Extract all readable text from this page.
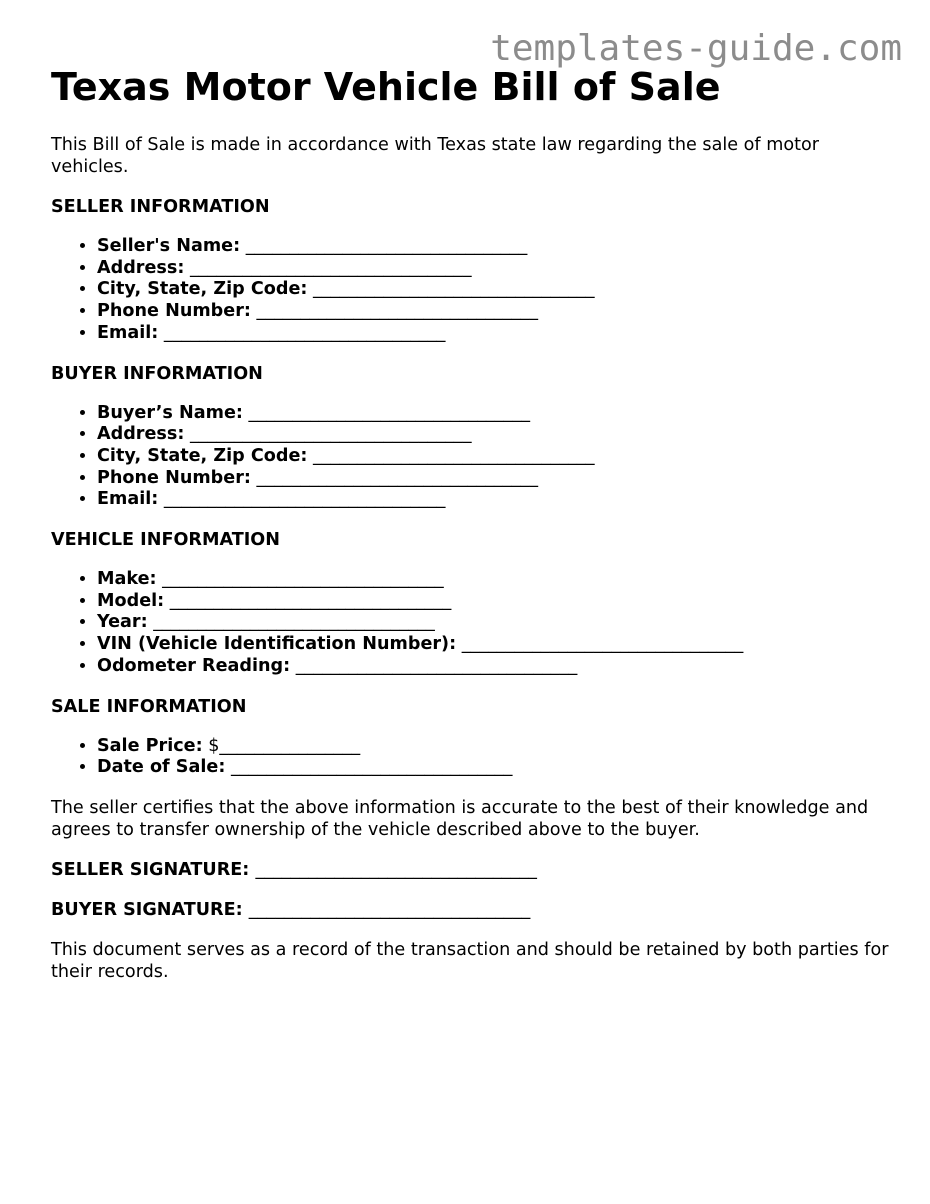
templates-guide.com
Texas Motor Vehicle Bill of Sale

This Bill of Sale is made in accordance with Texas state law regarding the sale of motor vehicles.

SELLER INFORMATION
• Seller's Name: ________________________________
• Address: ________________________________
• City, State, Zip Code: ________________________________
• Phone Number: ________________________________
• Email: ________________________________
BUYER INFORMATION
• Buyer’s Name: ________________________________
• Address: ________________________________
• City, State, Zip Code: ________________________________
• Phone Number: ________________________________
• Email: ________________________________
VEHICLE INFORMATION
• Make: ________________________________
• Model: ________________________________
• Year: ________________________________
• VIN (Vehicle Identification Number): ________________________________
• Odometer Reading: ________________________________
SALE INFORMATION
• Sale Price: $________________
• Date of Sale: ________________________________

The seller certifies that the above information is accurate to the best of their knowledge and agrees to transfer ownership of the vehicle described above to the buyer.

SELLER SIGNATURE: ________________________________
BUYER SIGNATURE: ________________________________

This document serves as a record of the transaction and should be retained by both parties for their records.
